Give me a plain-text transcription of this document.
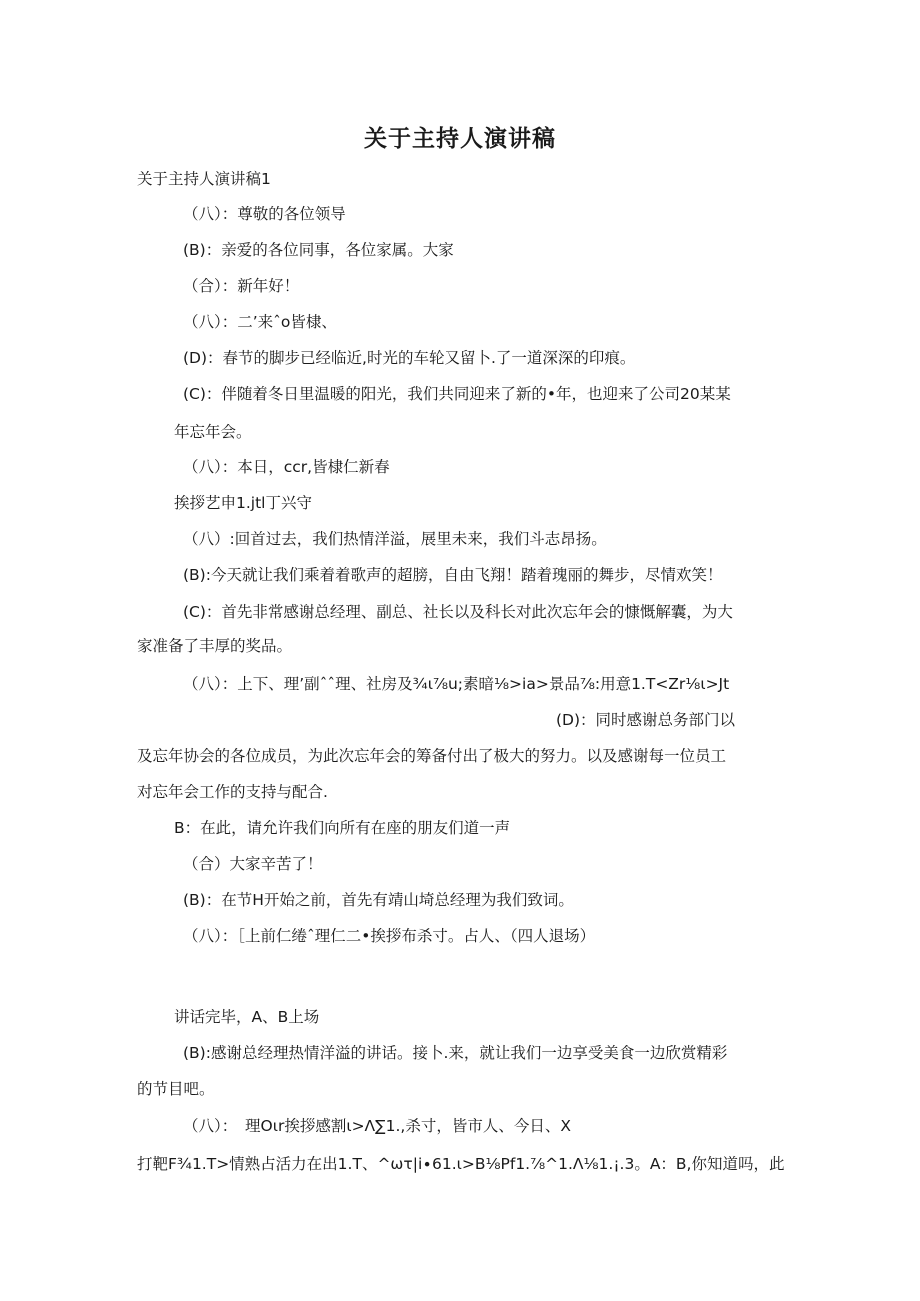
关于主持人演讲稿
关于主持人演讲稿1
（八）：尊敬的各位领导
(B)：亲爱的各位同事，各位家属。大家
（合）：新年好！
（八）：二’来ˆo皆棣、
(D)：春节的脚步已经临近,时光的车轮又留卜.了一道深深的印痕。
(C)：伴随着冬日里温暖的阳光，我们共同迎来了新的•年，也迎来了公司20某某
年忘年会。
（八）：本日，ccr,皆棣仁新春
挨拶艺申1.jtl丁兴守
（八）:回首过去，我们热情洋溢，展里未来，我们斗志昂扬。
(B):今天就让我们乘着着歌声的超膀，自由飞翔！踏着瑰丽的舞步，尽情欢笑！
(C)：首先非常感谢总经理、副总、社长以及科长对此次忘年会的慷慨解囊，为大
家准备了丰厚的奖品。
（八）：上下、理’副ˆˆ理、社房及¾ι⅞u;素暗⅛>ia>景品⅞:用意1.T<Zr⅛ι>Jt
(D)：同时感谢总务部门以
及忘年协会的各位成员，为此次忘年会的筹备付出了极大的努力。以及感谢每一位员工
对忘年会工作的支持与配合.
B：在此，请允许我们向所有在座的朋友们道一声
（合）大家辛苦了！
(B)：在节H开始之前，首先有靖山埼总经理为我们致词。
（八）：［上前仁绻ˆ理仁二•挨拶布杀寸。占人、（四人退场）
讲话完毕，A、B上场
(B):感谢总经理热情洋溢的讲话。接卜.来，就让我们一边享受美食一边欣赏精彩
的节目吧。
（八）：　理Oιr挨拶感割ι>Λ∑1.,杀寸，皆市人、今日、X
打靶F¾1.T>情熟占活力在出1.T、^ωτ|i∙61.ι>B⅛Pf1.⅞^1.Λ⅛1.¡.3。A：B,你知道吗，此
